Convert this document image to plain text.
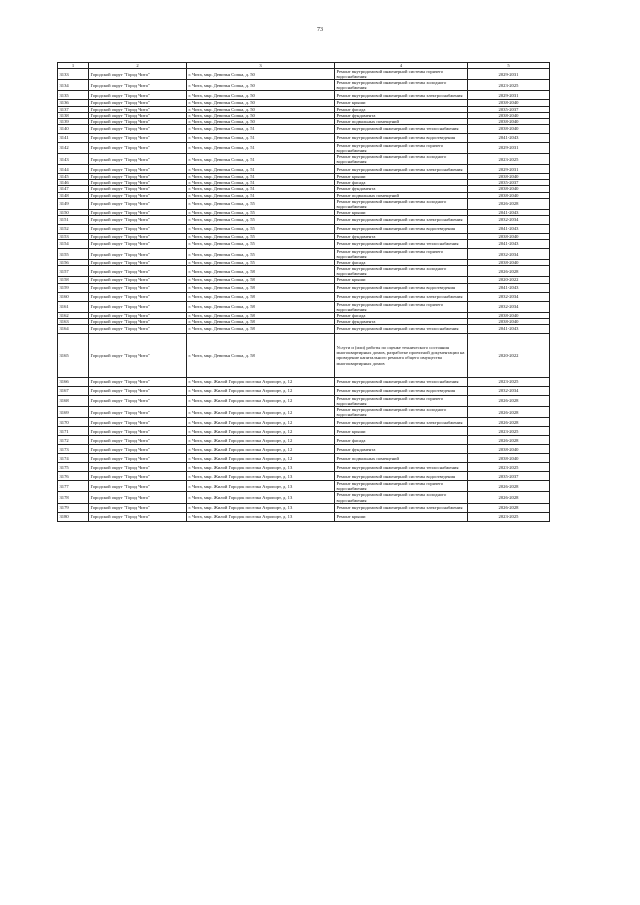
73
1	2	3	4	5
3133	Городской округ "Город Чита"	г. Чита, мкр. Девичья Сопка, д. 50	Ремонт внутридомовой инженерной системы горячего водоснабжения	2029-2031
3134	Городской округ "Город Чита"	г. Чита, мкр. Девичья Сопка, д. 50	Ремонт внутридомовой инженерной системы холодного водоснабжения	2023-2025
3135	Городской округ "Город Чита"	г. Чита, мкр. Девичья Сопка, д. 50	Ремонт внутридомовой инженерной системы электроснабжения	2029-2031
3136	Городской округ "Город Чита"	г. Чита, мкр. Девичья Сопка, д. 50	Ремонт крыши	2038-2040
3137	Городской округ "Город Чита"	г. Чита, мкр. Девичья Сопка, д. 50	Ремонт фасада	2035-2037
3138	Городской округ "Город Чита"	г. Чита, мкр. Девичья Сопка, д. 50	Ремонт фундамента	2038-2040
3139	Городской округ "Город Чита"	г. Чита, мкр. Девичья Сопка, д. 50	Ремонт подвальных помещений	2038-2040
3140	Городской округ "Город Чита"	г. Чита, мкр. Девичья Сопка, д. 51	Ремонт внутридомовой инженерной системы теплоснабжения	2038-2040
3141	Городской округ "Город Чита"	г. Чита, мкр. Девичья Сопка, д. 51	Ремонт внутридомовой инженерной системы водоотведения	2041-2043
3142	Городской округ "Город Чита"	г. Чита, мкр. Девичья Сопка, д. 51	Ремонт внутридомовой инженерной системы горячего водоснабжения	2029-2031
3143	Городской округ "Город Чита"	г. Чита, мкр. Девичья Сопка, д. 51	Ремонт внутридомовой инженерной системы холодного водоснабжения	2023-2025
3144	Городской округ "Город Чита"	г. Чита, мкр. Девичья Сопка, д. 51	Ремонт внутридомовой инженерной системы электроснабжения	2029-2031
3145	Городской округ "Город Чита"	г. Чита, мкр. Девичья Сопка, д. 51	Ремонт крыши	2038-2040
3146	Городской округ "Город Чита"	г. Чита, мкр. Девичья Сопка, д. 51	Ремонт фасада	2035-2037
3147	Городской округ "Город Чита"	г. Чита, мкр. Девичья Сопка, д. 51	Ремонт фундамента	2038-2040
3148	Городской округ "Город Чита"	г. Чита, мкр. Девичья Сопка, д. 51	Ремонт подвальных помещений	2038-2040
3149	Городской округ "Город Чита"	г. Чита, мкр. Девичья Сопка, д. 55	Ремонт внутридомовой инженерной системы холодного водоснабжения	2026-2028
3150	Городской округ "Город Чита"	г. Чита, мкр. Девичья Сопка, д. 55	Ремонт крыши	2041-2043
3151	Городской округ "Город Чита"	г. Чита, мкр. Девичья Сопка, д. 55	Ремонт внутридомовой инженерной системы электроснабжения	2032-2034
3152	Городской округ "Город Чита"	г. Чита, мкр. Девичья Сопка, д. 55	Ремонт внутридомовой инженерной системы водоотведения	2041-2043
3153	Городской округ "Город Чита"	г. Чита, мкр. Девичья Сопка, д. 55	Ремонт фундамента	2038-2040
3154	Городской округ "Город Чита"	г. Чита, мкр. Девичья Сопка, д. 55	Ремонт внутридомовой инженерной системы теплоснабжения	2041-2043
3155	Городской округ "Город Чита"	г. Чита, мкр. Девичья Сопка, д. 55	Ремонт внутридомовой инженерной системы горячего водоснабжения	2032-2034
3156	Городской округ "Город Чита"	г. Чита, мкр. Девичья Сопка, д. 55	Ремонт фасада	2038-2040
3157	Городской округ "Город Чита"	г. Чита, мкр. Девичья Сопка, д. 58	Ремонт внутридомовой инженерной системы холодного водоснабжения	2026-2028
3158	Городской округ "Город Чита"	г. Чита, мкр. Девичья Сопка, д. 58	Ремонт крыши	2020-2022
3159	Городской округ "Город Чита"	г. Чита, мкр. Девичья Сопка, д. 58	Ремонт внутридомовой инженерной системы водоотведения	2041-2043
3160	Городской округ "Город Чита"	г. Чита, мкр. Девичья Сопка, д. 58	Ремонт внутридомовой инженерной системы электроснабжения	2032-2034
3161	Городской округ "Город Чита"	г. Чита, мкр. Девичья Сопка, д. 58	Ремонт внутридомовой инженерной системы горячего водоснабжения	2032-2034
3162	Городской округ "Город Чита"	г. Чита, мкр. Девичья Сопка, д. 58	Ремонт фасада	2038-2040
3163	Городской округ "Город Чита"	г. Чита, мкр. Девичья Сопка, д. 58	Ремонт фундамента	2038-2040
3164	Городской округ "Город Чита"	г. Чита, мкр. Девичья Сопка, д. 58	Ремонт внутридомовой инженерной системы теплоснабжения	2041-2043
3165	Городской округ "Город Чита"	г. Чита, мкр. Девичья Сопка, д. 58	Услуги и (или) работы по оценке технического состояния многоквартирных домов, разработке проектной документации на проведение капитального ремонта общего имущества многоквартирных домов	2020-2022
3166	Городской округ "Город Чита"	г. Чита, мкр. Жилой Городок поселка Аэропорт, д. 12	Ремонт внутридомовой инженерной системы теплоснабжения	2023-2025
3167	Городской округ "Город Чита"	г. Чита, мкр. Жилой Городок поселка Аэропорт, д. 12	Ремонт внутридомовой инженерной системы водоотведения	2032-2034
3168	Городской округ "Город Чита"	г. Чита, мкр. Жилой Городок поселка Аэропорт, д. 12	Ремонт внутридомовой инженерной системы горячего водоснабжения	2026-2028
3169	Городской округ "Город Чита"	г. Чита, мкр. Жилой Городок поселка Аэропорт, д. 12	Ремонт внутридомовой инженерной системы холодного водоснабжения	2026-2028
3170	Городской округ "Город Чита"	г. Чита, мкр. Жилой Городок поселка Аэропорт, д. 12	Ремонт внутридомовой инженерной системы электроснабжения	2026-2028
3171	Городской округ "Город Чита"	г. Чита, мкр. Жилой Городок поселка Аэропорт, д. 12	Ремонт крыши	2023-2025
3172	Городской округ "Город Чита"	г. Чита, мкр. Жилой Городок поселка Аэропорт, д. 12	Ремонт фасада	2026-2028
3173	Городской округ "Город Чита"	г. Чита, мкр. Жилой Городок поселка Аэропорт, д. 12	Ремонт фундамента	2038-2040
3174	Городской округ "Город Чита"	г. Чита, мкр. Жилой Городок поселка Аэропорт, д. 12	Ремонт подвальных помещений	2038-2040
3175	Городской округ "Город Чита"	г. Чита, мкр. Жилой Городок поселка Аэропорт, д. 13	Ремонт внутридомовой инженерной системы теплоснабжения	2023-2025
3176	Городской округ "Город Чита"	г. Чита, мкр. Жилой Городок поселка Аэропорт, д. 13	Ремонт внутридомовой инженерной системы водоотведения	2035-2037
3177	Городской округ "Город Чита"	г. Чита, мкр. Жилой Городок поселка Аэропорт, д. 13	Ремонт внутридомовой инженерной системы горячего водоснабжения	2026-2028
3178	Городской округ "Город Чита"	г. Чита, мкр. Жилой Городок поселка Аэропорт, д. 13	Ремонт внутридомовой инженерной системы холодного водоснабжения	2026-2028
3179	Городской округ "Город Чита"	г. Чита, мкр. Жилой Городок поселка Аэропорт, д. 13	Ремонт внутридомовой инженерной системы электроснабжения	2026-2028
3180	Городской округ "Город Чита"	г. Чита, мкр. Жилой Городок поселка Аэропорт, д. 13	Ремонт крыши	2023-2025
